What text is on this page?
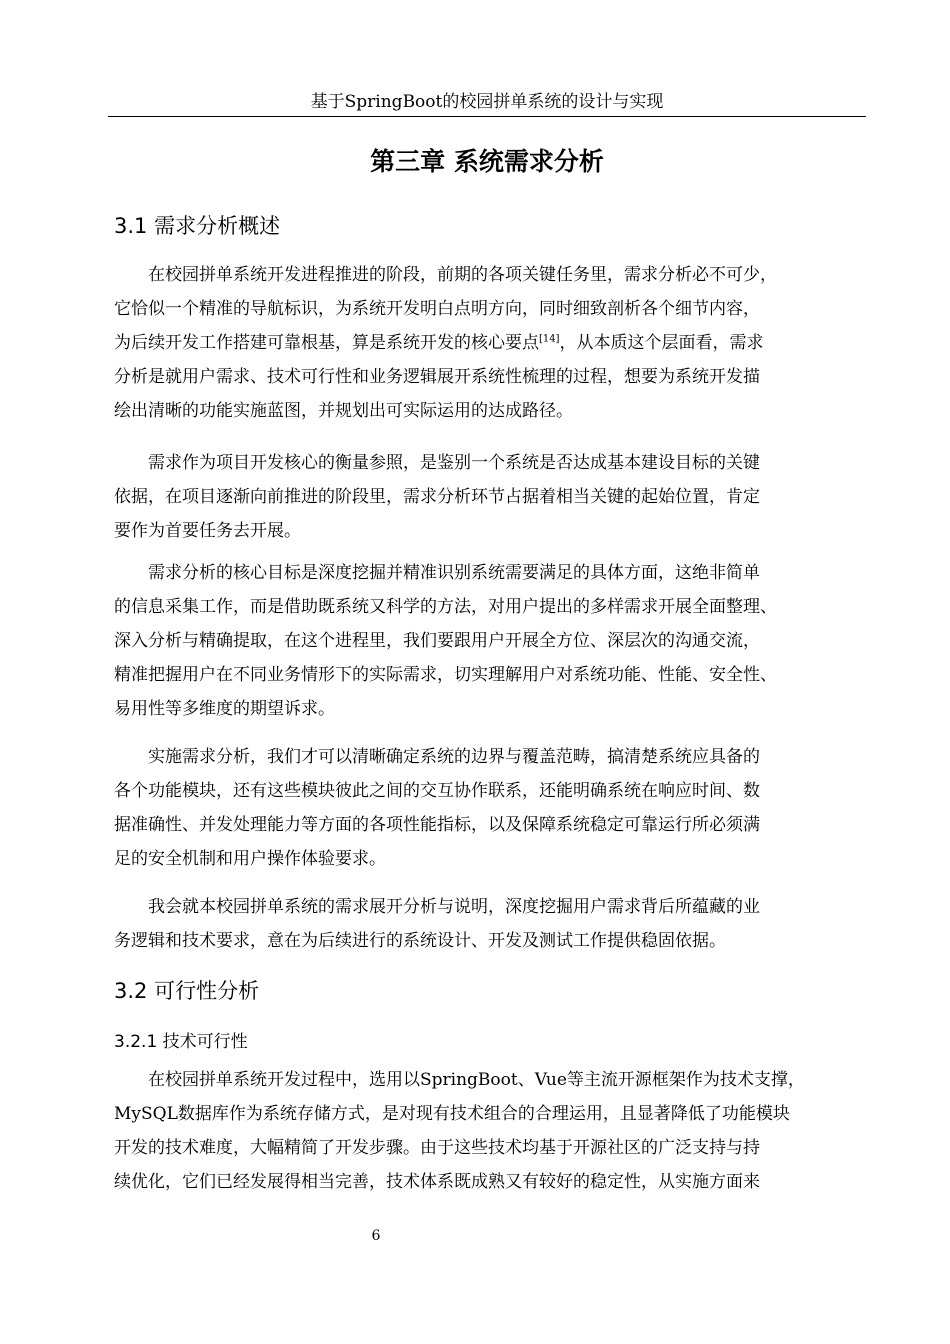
基于SpringBoot的校园拼单系统的设计与实现
第三章 系统需求分析
3.1 需求分析概述
在校园拼单系统开发进程推进的阶段，前期的各项关键任务里，需求分析必不可少，
它恰似一个精准的导航标识，为系统开发明白点明方向，同时细致剖析各个细节内容，
为后续开发工作搭建可靠根基，算是系统开发的核心要点[14]，从本质这个层面看，需求
分析是就用户需求、技术可行性和业务逻辑展开系统性梳理的过程，想要为系统开发描
绘出清晰的功能实施蓝图，并规划出可实际运用的达成路径。
需求作为项目开发核心的衡量参照，是鉴别一个系统是否达成基本建设目标的关键
依据，在项目逐渐向前推进的阶段里，需求分析环节占据着相当关键的起始位置，肯定
要作为首要任务去开展。
需求分析的核心目标是深度挖掘并精准识别系统需要满足的具体方面，这绝非简单
的信息采集工作，而是借助既系统又科学的方法，对用户提出的多样需求开展全面整理、
深入分析与精确提取，在这个进程里，我们要跟用户开展全方位、深层次的沟通交流，
精准把握用户在不同业务情形下的实际需求，切实理解用户对系统功能、性能、安全性、
易用性等多维度的期望诉求。
实施需求分析，我们才可以清晰确定系统的边界与覆盖范畴，搞清楚系统应具备的
各个功能模块，还有这些模块彼此之间的交互协作联系，还能明确系统在响应时间、数
据准确性、并发处理能力等方面的各项性能指标，以及保障系统稳定可靠运行所必须满
足的安全机制和用户操作体验要求。
我会就本校园拼单系统的需求展开分析与说明，深度挖掘用户需求背后所蕴藏的业
务逻辑和技术要求，意在为后续进行的系统设计、开发及测试工作提供稳固依据。
3.2 可行性分析
3.2.1 技术可行性
在校园拼单系统开发过程中，选用以SpringBoot、Vue等主流开源框架作为技术支撑，
MySQL数据库作为系统存储方式，是对现有技术组合的合理运用，且显著降低了功能模块
开发的技术难度，大幅精简了开发步骤。由于这些技术均基于开源社区的广泛支持与持
续优化，它们已经发展得相当完善，技术体系既成熟又有较好的稳定性，从实施方面来
6
